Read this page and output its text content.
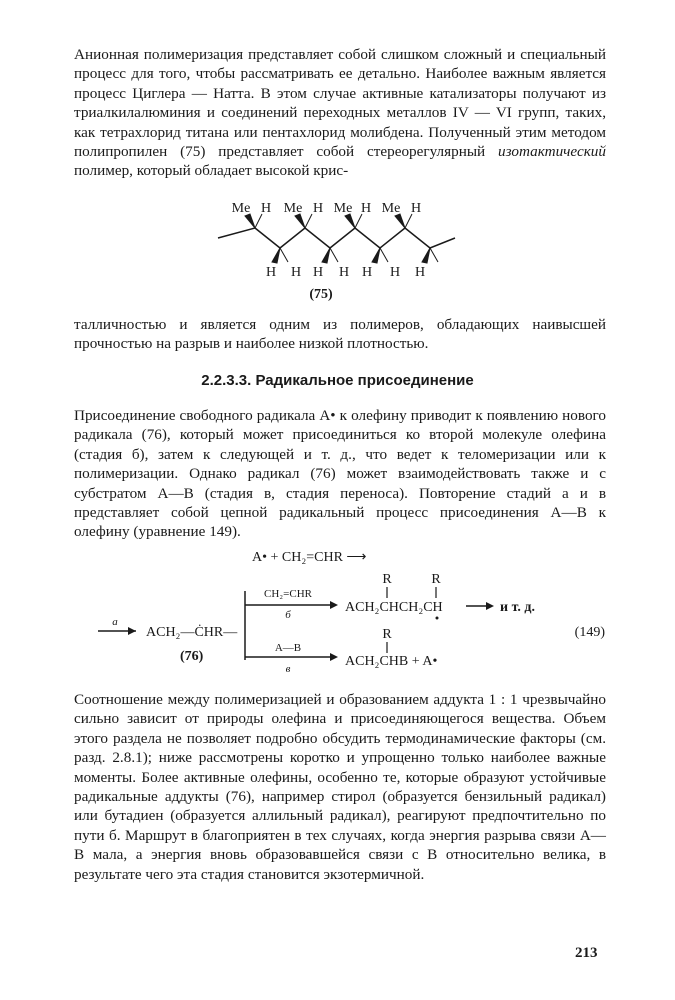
Анионная полимеризация представляет собой слишком сложный и специальный процесс для того, чтобы рассматривать ее детально. Наиболее важным является процесс Циглера — Натта. В этом случае активные катализаторы получают из триалкилалюминия и соединений переходных металлов IV — VI групп, таких, как тетрахлорид титана или пентахлорид молибдена. Полученный этим методом полипропилен (75) представляет собой стереорегулярный изотактический полимер, который обладает высокой крис-
Me H Me H Me H Me H
H H H H H H H
(75)
талличностью и является одним из полимеров, обладающих наивысшей прочностью на разрыв и наиболее низкой плотностью.
2.2.3.3. Радикальное присоединение
Присоединение свободного радикала A• к олефину приводит к появлению нового радикала (76), который может присоединиться ко второй молекуле олефина (стадия б), затем к следующей и т. д., что ведет к теломеризации или к полимеризации. Однако радикал (76) может взаимодействовать также и с субстратом A—B (стадия в, стадия переноса). Повторение стадий а и в представляет собой цепной радикальный процесс присоединения A—B к олефину (уравнение 149).
A• + CH₂=CHR ⟶
а
ACH₂—ĊHR—
(76)
CH₂=CHR
б
A—B
в
R	R
ACH₂CHCH₂CH	и т. д.
R
ACH₂CHB + A•
(149)
Соотношение между полимеризацией и образованием аддукта 1 : 1 чрезвычайно сильно зависит от природы олефина и присоединяющегося вещества. Объем этого раздела не позволяет подробно обсудить термодинамические факторы (см. разд. 2.8.1); ниже рассмотрены коротко и упрощенно только наиболее важные моменты. Более активные олефины, особенно те, которые образуют устойчивые радикальные аддукты (76), например стирол (образуется бензильный радикал) или бутадиен (образуется аллильный радикал), реагируют предпочтительно по пути б. Маршрут в благоприятен в тех случаях, когда энергия разрыва связи A—B мала, а энергия вновь образовавшейся связи с B относительно велика, в результате чего эта стадия становится экзотермичной.
213
